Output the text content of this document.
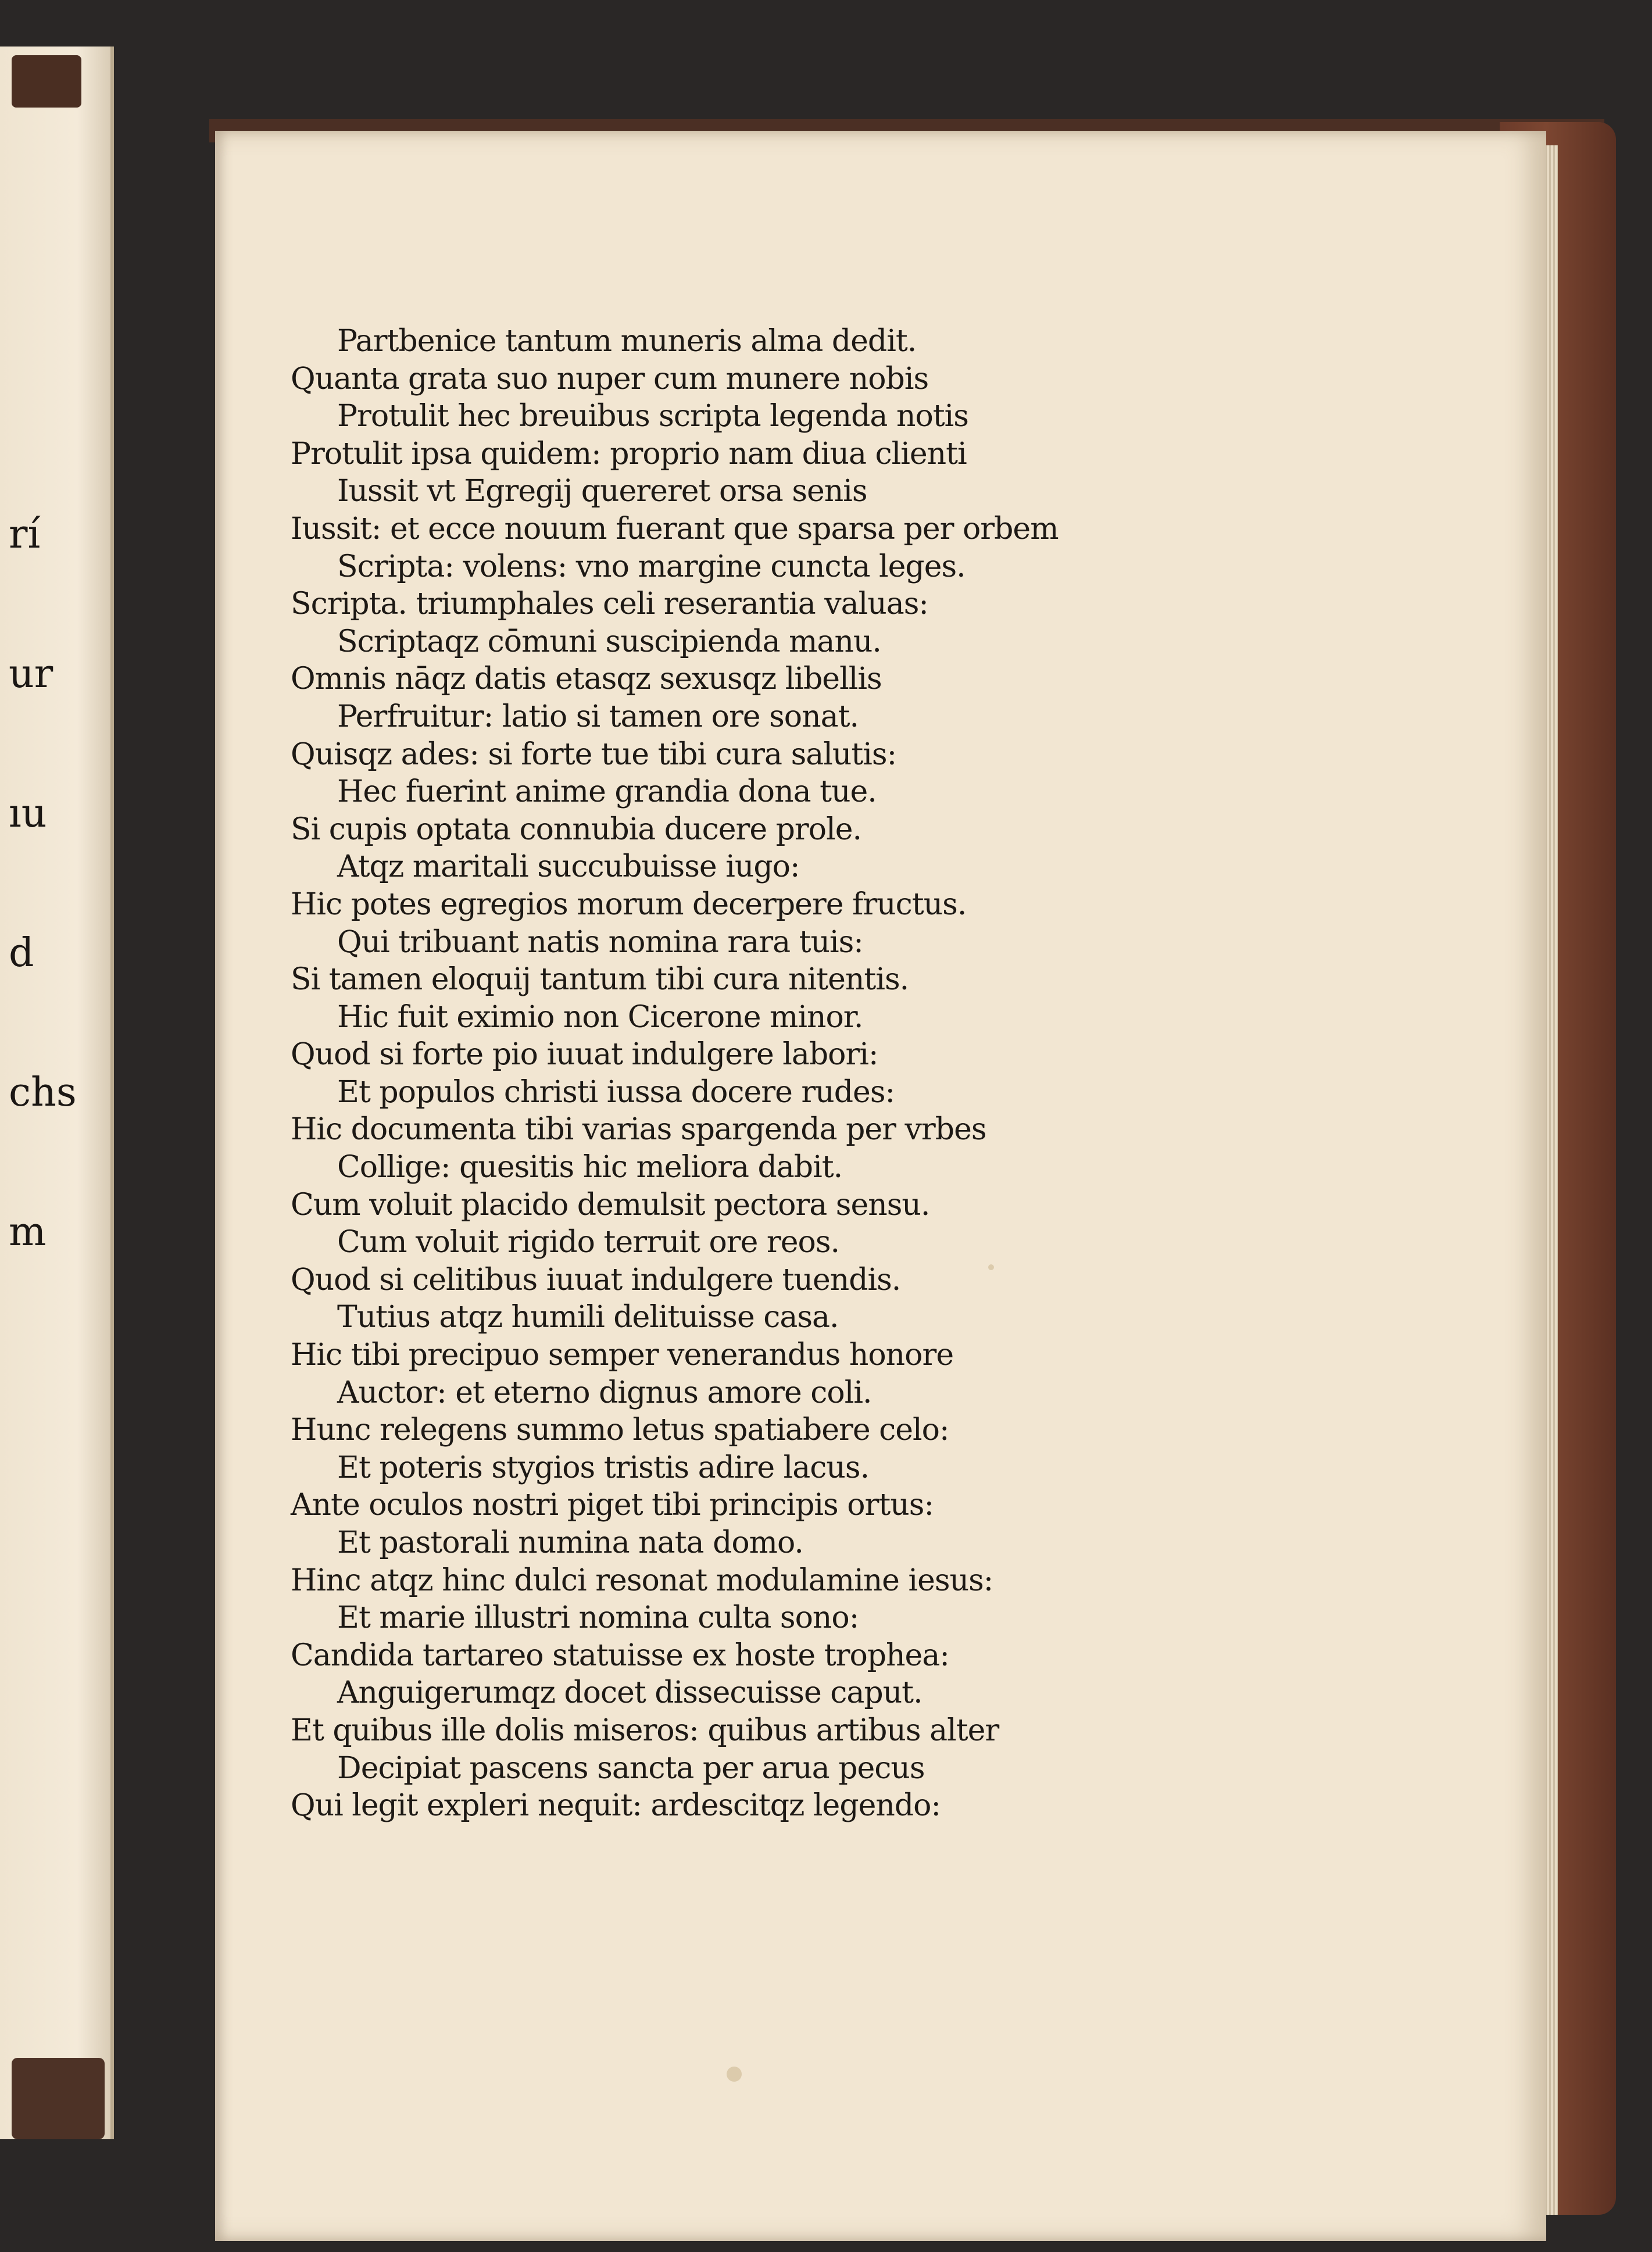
rí

ur

ıu

d

chs

m

Partbenice tantum muneris alma dedit.
Quanta grata suo nuper cum munere nobis
Protulit hec breuibus scripta legenda notis
Protulit ipsa quidem: proprio nam diua clienti
Iussit vt Egregij quereret orsa senis
Iussit: et ecce nouum fuerant que sparsa per orbem
Scripta: volens: vno margine cuncta leges.
Scripta. triumphales celi reserantia valuas:
Scriptaqz cōmuni suscipienda manu.
Omnis nāqz datis etasqz sexusqz libellis
Perfruitur: latio si tamen ore sonat.
Quisqz ades: si forte tue tibi cura salutis:
Hec fuerint anime grandia dona tue.
Si cupis optata connubia ducere prole.
Atqz maritali succubuisse iugo:
Hic potes egregios morum decerpere fructus.
Qui tribuant natis nomina rara tuis:
Si tamen eloquij tantum tibi cura nitentis.
Hic fuit eximio non Cicerone minor.
Quod si forte pio iuuat indulgere labori:
Et populos christi iussa docere rudes:
Hic documenta tibi varias spargenda per vrbes
Collige: quesitis hic meliora dabit.
Cum voluit placido demulsit pectora sensu.
Cum voluit rigido terruit ore reos.
Quod si celitibus iuuat indulgere tuendis.
Tutius atqz humili delituisse casa.
Hic tibi precipuo semper venerandus honore
Auctor: et eterno dignus amore coli.
Hunc relegens summo letus spatiabere celo:
Et poteris stygios tristis adire lacus.
Ante oculos nostri piget tibi principis ortus:
Et pastorali numina nata domo.
Hinc atqz hinc dulci resonat modulamine iesus:
Et marie illustri nomina culta sono:
Candida tartareo statuisse ex hoste trophea:
Anguigerumqz docet dissecuisse caput.
Et quibus ille dolis miseros: quibus artibus alter
Decipiat pascens sancta per arua pecus
Qui legit expleri nequit: ardescitqz legendo:
